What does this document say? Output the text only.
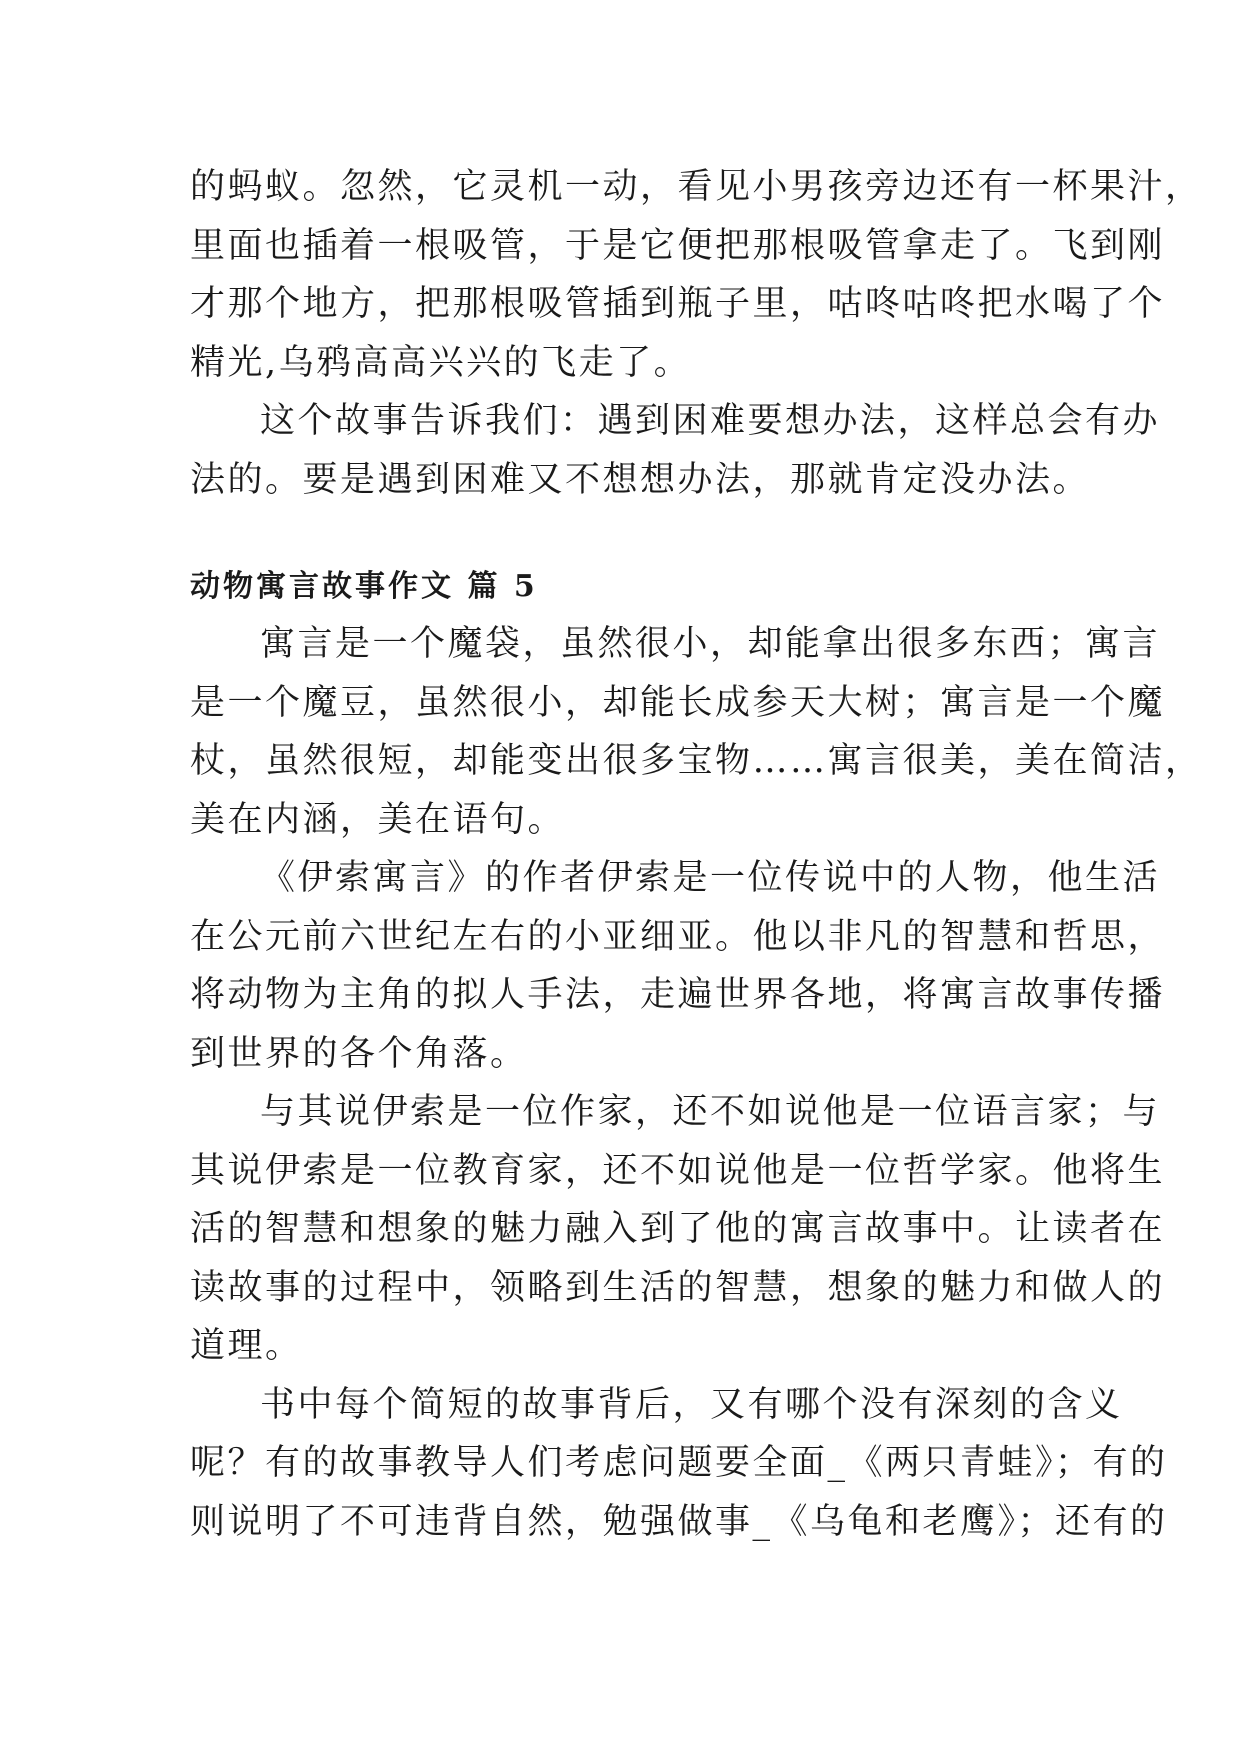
的蚂蚁。忽然，它灵机一动，看见小男孩旁边还有一杯果汁，
里面也插着一根吸管，于是它便把那根吸管拿走了。飞到刚
才那个地方，把那根吸管插到瓶子里，咕咚咕咚把水喝了个
精光,乌鸦高高兴兴的飞走了。

这个故事告诉我们：遇到困难要想办法，这样总会有办
法的。要是遇到困难又不想想办法，那就肯定没办法。

动物寓言故事作文 篇 5

寓言是一个魔袋，虽然很小，却能拿出很多东西；寓言
是一个魔豆，虽然很小，却能长成参天大树；寓言是一个魔
杖，虽然很短，却能变出很多宝物……寓言很美，美在简洁，
美在内涵，美在语句。

《伊索寓言》的作者伊索是一位传说中的人物，他生活
在公元前六世纪左右的小亚细亚。他以非凡的智慧和哲思，
将动物为主角的拟人手法，走遍世界各地，将寓言故事传播
到世界的各个角落。

与其说伊索是一位作家，还不如说他是一位语言家；与
其说伊索是一位教育家，还不如说他是一位哲学家。他将生
活的智慧和想象的魅力融入到了他的寓言故事中。让读者在
读故事的过程中，领略到生活的智慧，想象的魅力和做人的
道理。

书中每个简短的故事背后，又有哪个没有深刻的含义
呢？有的故事教导人们考虑问题要全面_《两只青蛙》；有的
则说明了不可违背自然，勉强做事_《乌龟和老鹰》；还有的
